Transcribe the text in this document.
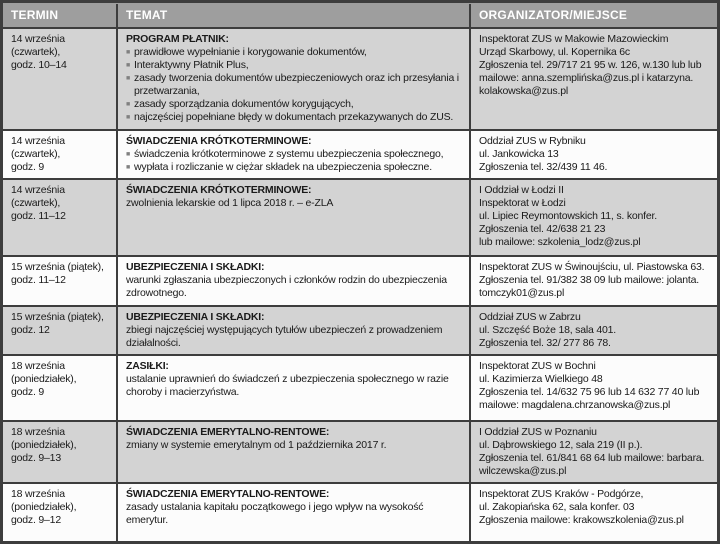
TERMIN	TEMAT	ORGANIZATOR/MIEJSCE
14 września (czwartek),
godz. 10–14
PROGRAM PŁATNIK:
■ prawidłowe wypełnianie i korygowanie dokumentów,
■ Interaktywny Płatnik Plus,
■ zasady tworzenia dokumentów ubezpieczeniowych oraz ich przesyłania i przetwarzania,
■ zasady sporządzania dokumentów korygujących,
■ najczęściej popełniane błędy w dokumentach przekazywanych do ZUS.
Inspektorat ZUS w Makowie Mazowieckim
Urząd Skarbowy, ul. Kopernika 6c
Zgłoszenia tel. 29/717 21 95 w. 126, w.130 lub lub
mailowe: anna.szemplińska@zus.pl i katarzyna.
kolakowska@zus.pl
14 września (czwartek),
godz. 9
ŚWIADCZENIA KRÓTKOTERMINOWE:
■ świadczenia krótkoterminowe z systemu ubezpieczenia społecznego,
■ wypłata i rozliczanie w ciężar składek na ubezpieczenia społeczne.
Oddział ZUS w Rybniku
ul. Jankowicka 13
Zgłoszenia tel. 32/439 11 46.
14 września (czwartek),
godz. 11–12
ŚWIADCZENIA KRÓTKOTERMINOWE:
zwolnienia lekarskie od 1 lipca 2018 r. – e-ZLA
I Oddział w Łodzi II
Inspektorat w Łodzi
ul. Lipiec Reymontowskich 11, s. konfer.
Zgłoszenia tel. 42/638 21 23
lub mailowe: szkolenia_lodz@zus.pl
15 września (piątek),
godz. 11–12
UBEZPIECZENIA I SKŁADKI:
warunki zgłaszania ubezpieczonych i członków rodzin do ubezpieczenia zdrowotnego.
Inspektorat ZUS w Świnoujściu, ul. Piastowska 63.
Zgłoszenia tel. 91/382 38 09 lub mailowe: jolanta.
tomczyk01@zus.pl
15 września (piątek),
godz. 12
UBEZPIECZENIA I SKŁADKI:
zbiegi najczęściej występujących tytułów ubezpieczeń z prowadzeniem działalności.
Oddział ZUS w Zabrzu
ul. Szczęść Boże 18, sala 401.
Zgłoszenia tel. 32/ 277 86 78.
18 września
(poniedziałek),
godz. 9
ZASIŁKI:
ustalanie uprawnień do świadczeń z ubezpieczenia społecznego w razie choroby i macierzyństwa.
Inspektorat ZUS w Bochni
ul. Kazimierza Wielkiego 48
Zgłoszenia tel. 14/632 75 96 lub 14 632 77 40 lub
mailowe: magdalena.chrzanowska@zus.pl
18 września
(poniedziałek),
godz. 9–13
ŚWIADCZENIA EMERYTALNO-RENTOWE:
zmiany w systemie emerytalnym od 1 października 2017 r.
I Oddział ZUS w Poznaniu
ul. Dąbrowskiego 12, sala 219 (II p.).
Zgłoszenia tel. 61/841 68 64 lub mailowe: barbara.
wilczewska@zus.pl
18 września
(poniedziałek),
godz. 9–12
ŚWIADCZENIA EMERYTALNO-RENTOWE:
zasady ustalania kapitału początkowego i jego wpływ na wysokość emerytur.
Inspektorat ZUS Kraków - Podgórze,
ul. Zakopiańska 62, sala konfer. 03
Zgłoszenia mailowe: krakowszkolenia@zus.pl
